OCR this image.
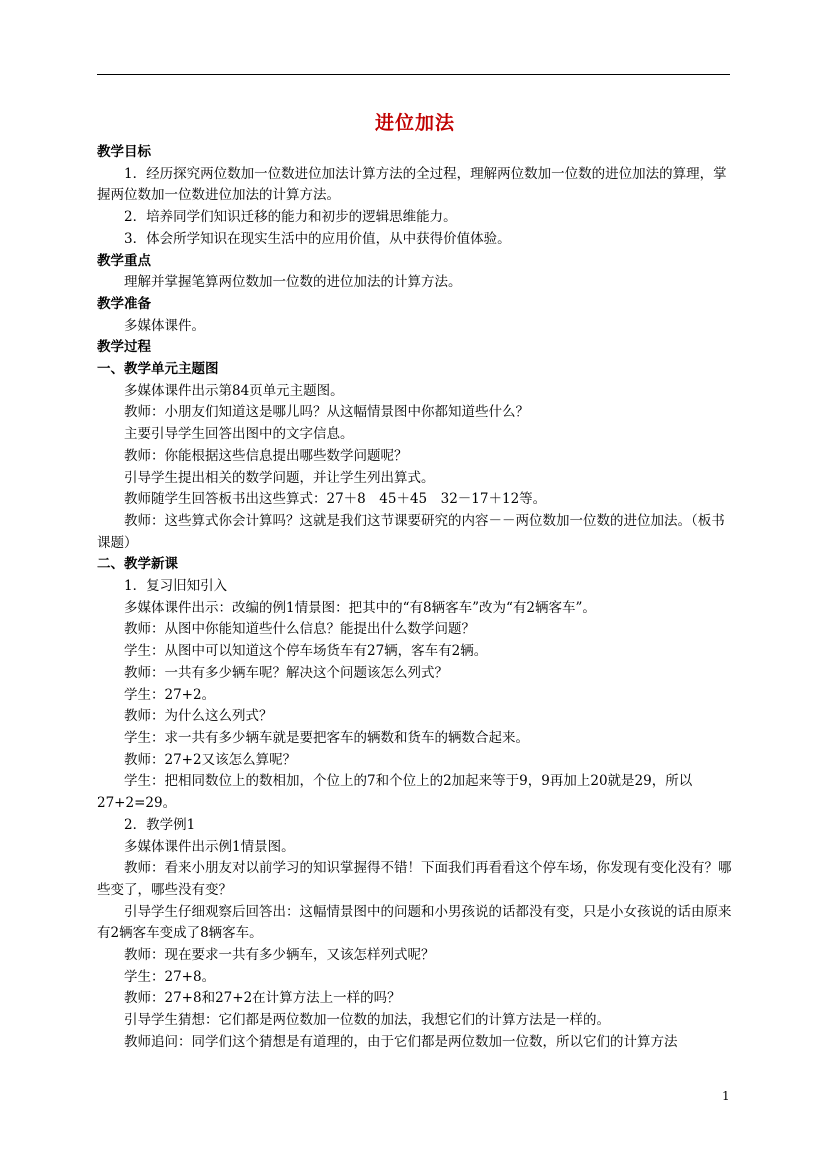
进位加法
教学目标
1．经历探究两位数加一位数进位加法计算方法的全过程，理解两位数加一位数的进位加法的算理，掌握两位数加一位数进位加法的计算方法。
2．培养同学们知识迁移的能力和初步的逻辑思维能力。
3．体会所学知识在现实生活中的应用价值，从中获得价值体验。
教学重点
理解并掌握笔算两位数加一位数的进位加法的计算方法。
教学准备
多媒体课件。
教学过程
一、教学单元主题图
多媒体课件出示第84页单元主题图。
教师：小朋友们知道这是哪儿吗？从这幅情景图中你都知道些什么？
主要引导学生回答出图中的文字信息。
教师：你能根据这些信息提出哪些数学问题呢？
引导学生提出相关的数学问题，并让学生列出算式。
教师随学生回答板书出这些算式：27＋8　45＋45　32－17＋12等。
教师：这些算式你会计算吗？这就是我们这节课要研究的内容－－两位数加一位数的进位加法。（板书课题）
二、教学新课
1．复习旧知引入
多媒体课件出示：改编的例1情景图：把其中的“有8辆客车”改为“有2辆客车”。
教师：从图中你能知道些什么信息？能提出什么数学问题？
学生：从图中可以知道这个停车场货车有27辆，客车有2辆。
教师：一共有多少辆车呢？解决这个问题该怎么列式？
学生：27+2。
教师：为什么这么列式？
学生：求一共有多少辆车就是要把客车的辆数和货车的辆数合起来。
教师：27+2又该怎么算呢？
学生：把相同数位上的数相加，个位上的7和个位上的2加起来等于9，9再加上20就是29，所以27+2=29。
2．教学例1
多媒体课件出示例1情景图。
教师：看来小朋友对以前学习的知识掌握得不错！下面我们再看看这个停车场，你发现有变化没有？哪些变了，哪些没有变？
引导学生仔细观察后回答出：这幅情景图中的问题和小男孩说的话都没有变，只是小女孩说的话由原来有2辆客车变成了8辆客车。
教师：现在要求一共有多少辆车，又该怎样列式呢？
学生：27+8。
教师：27+8和27+2在计算方法上一样的吗？
引导学生猜想：它们都是两位数加一位数的加法，我想它们的计算方法是一样的。
教师追问：同学们这个猜想是有道理的，由于它们都是两位数加一位数，所以它们的计算方法
1
